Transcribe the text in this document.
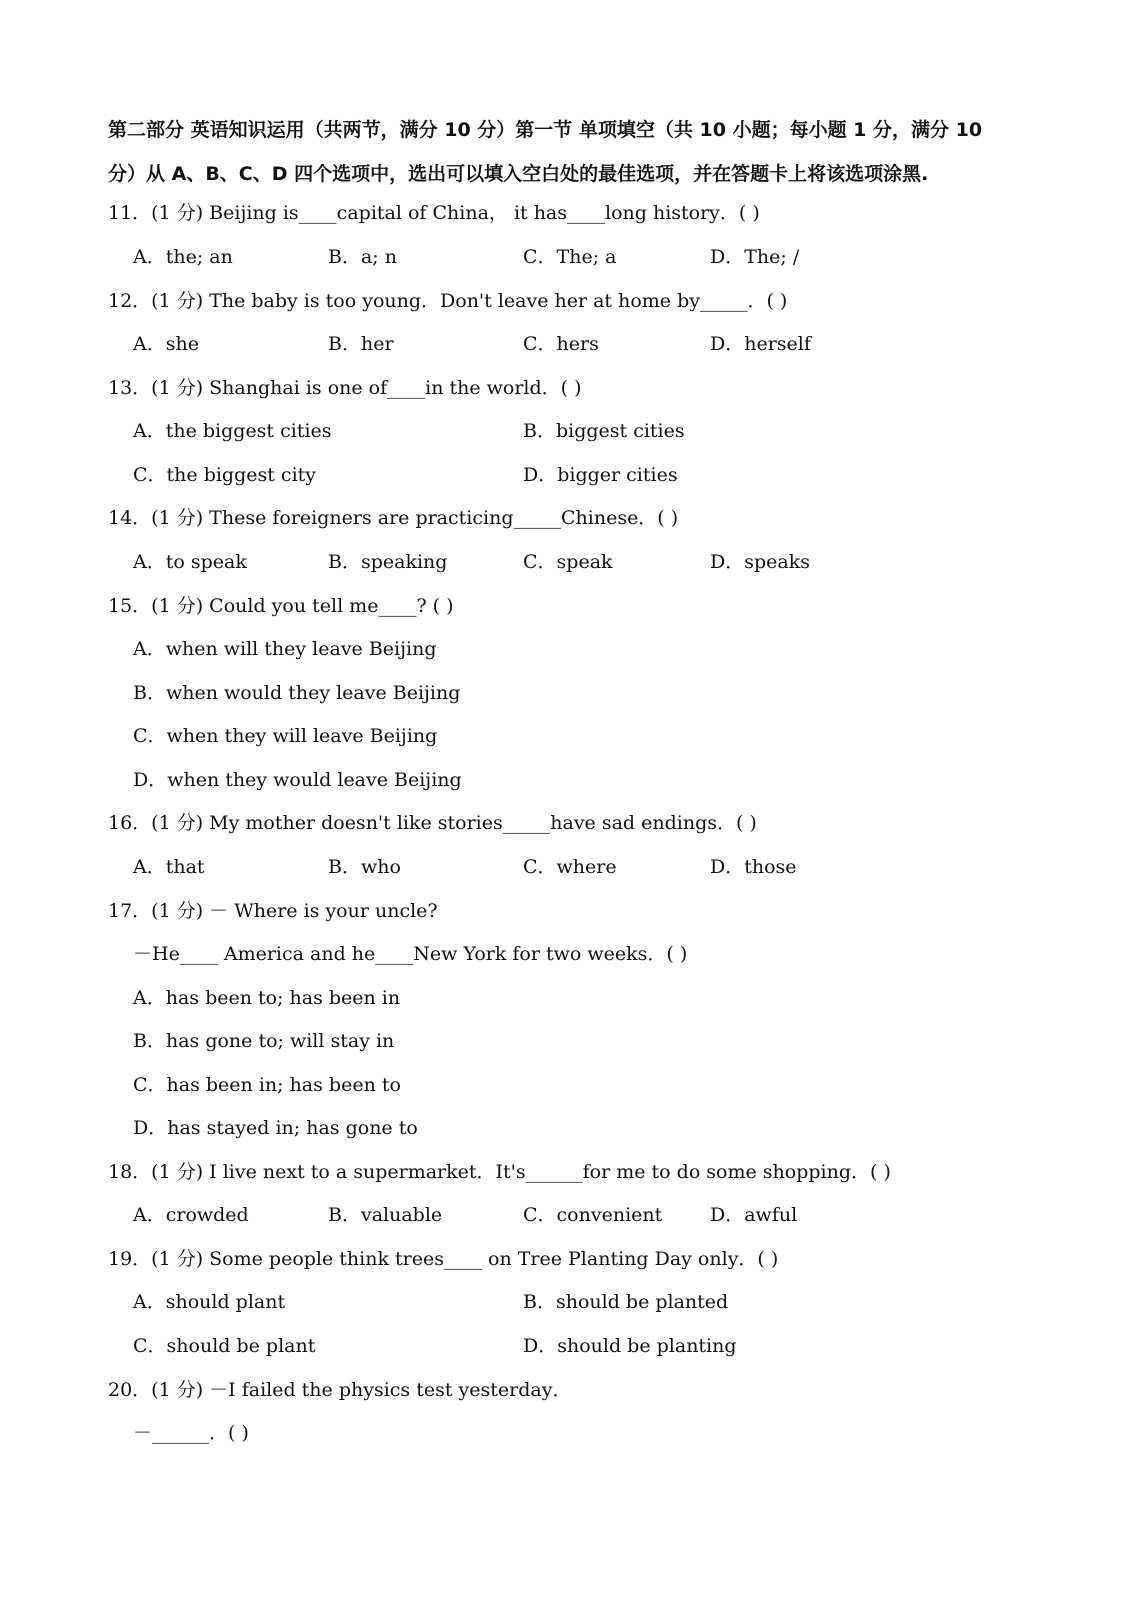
第二部分 英语知识运用（共两节，满分 10 分）第一节 单项填空（共 10 小题；每小题 1 分，满分 10
分）从 A、B、C、D 四个选项中，选出可以填入空白处的最佳选项，并在答题卡上将该选项涂黑.
11．(1 分) Beijing is____capital of China， it has____long history．( )
A．the; an	B．a; n	C．The; a	D．The; /
12．(1 分) The baby is too young．Don't leave her at home by_____．( )
A．she	B．her	C．hers	D．herself
13．(1 分) Shanghai is one of____in the world．( )
A．the biggest cities	B．biggest cities
C．the biggest city	D．bigger cities
14．(1 分) These foreigners are practicing_____Chinese．( )
A．to speak	B．speaking	C．speak	D．speaks
15．(1 分) Could you tell me____? ( )
A．when will they leave Beijing
B．when would they leave Beijing
C．when they will leave Beijing
D．when they would leave Beijing
16．(1 分) My mother doesn't like stories_____have sad endings．( )
A．that	B．who	C．where	D．those
17．(1 分) － Where is your uncle?
－He____ America and he____New York for two weeks．( )
A．has been to; has been in
B．has gone to; will stay in
C．has been in; has been to
D．has stayed in; has gone to
18．(1 分) I live next to a supermarket．It's______for me to do some shopping．( )
A．crowded	B．valuable	C．convenient	D．awful
19．(1 分) Some people think trees____ on Tree Planting Day only．( )
A．should plant	B．should be planted
C．should be plant	D．should be planting
20．(1 分) －I failed the physics test yesterday．
－______．( )
